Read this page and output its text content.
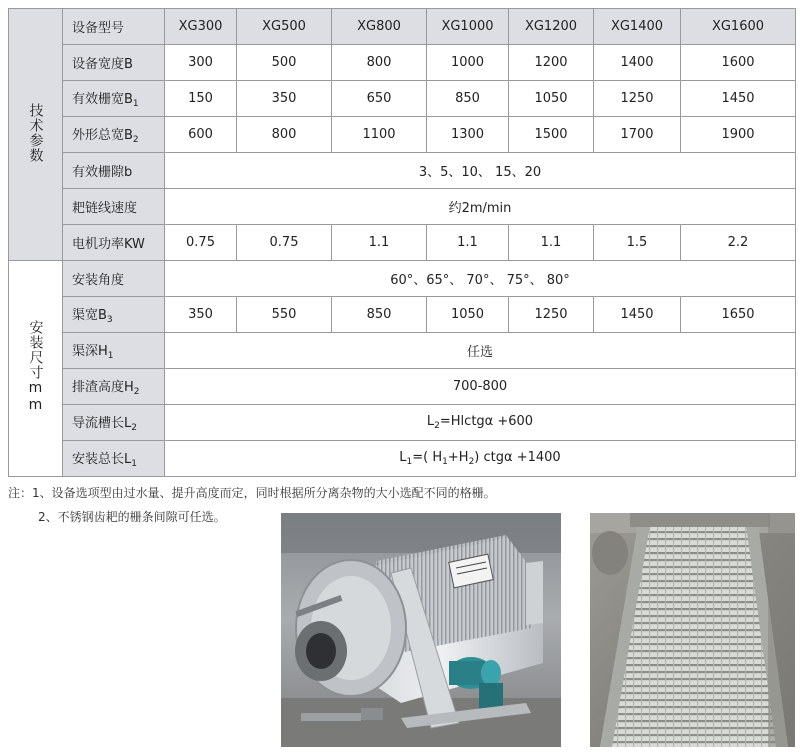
技术参数	设备型号	XG300	XG500	XG800	XG1000	XG1200	XG1400	XG1600
	设备宽度B	300	500	800	1000	1200	1400	1600
	有效栅宽$B_1$	150	350	650	850	1050	1250	1450
	外形总宽$B_2$	600	800	1100	1300	1500	1700	1900
	有效栅隙b	3、5、10、 15、20						
	耙链线速度	约2m/min						
	电机功率KW	0.75	0.75	1.1	1.1	1.1	1.5	2.2
安装尺寸mm	安装角度	60°、65°、 70°、 75°、 80°						
	渠宽$B_3$	350	550	850	1050	1250	1450	1650
	渠深$H_1$	任选						
	排渣高度$H_2$	700-800						
	导流槽长$L_2$	$L_2=Hlctg\alpha +600$						
	安装总长$L_1$	$L_1=$( $H_1+H_2$) ctgα +1400						
注：1、设备选项型由过水量、提升高度而定，同时根据所分离杂物的大小选配不同的格栅。
2、不锈钢齿耙的栅条间隙可任选。
